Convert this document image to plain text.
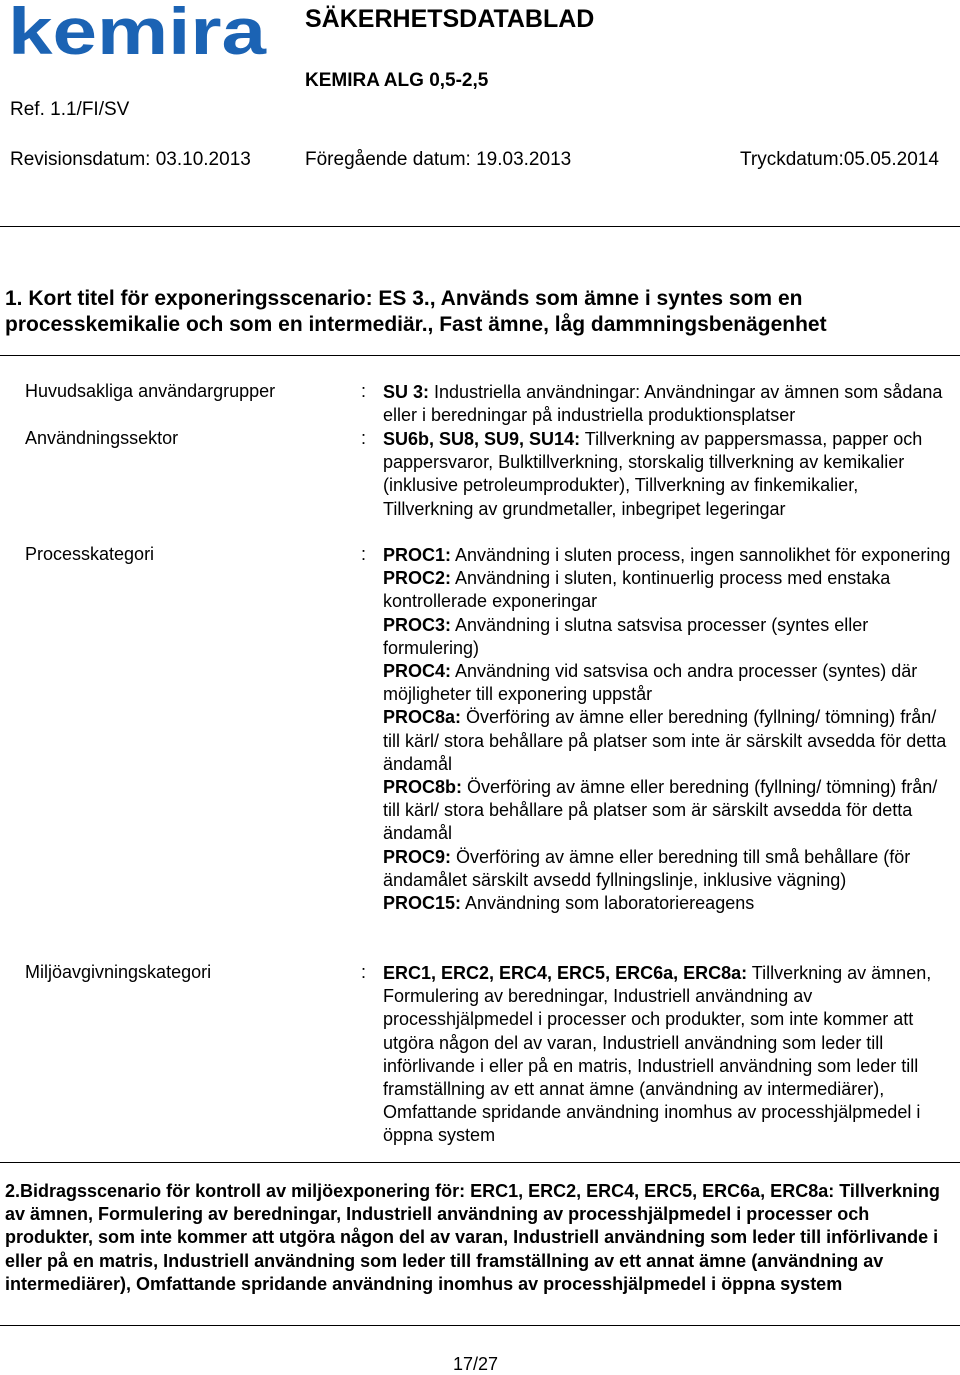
kemira SÄKERHETSDATABLAD
KEMIRA ALG 0,5-2,5
Ref. 1.1/FI/SV
Revisionsdatum: 03.10.2013	Föregående datum: 19.03.2013	Tryckdatum:05.05.2014
1. Kort titel för exponeringsscenario: ES 3., Används som ämne i syntes som en processkemikalie och som en intermediär., Fast ämne, låg dammningsbenägenhet
Huvudsakliga användargrupper	: SU 3: Industriella användningar: Användningar av ämnen som sådana eller i beredningar på industriella produktionsplatser
Användningssektor	: SU6b, SU8, SU9, SU14: Tillverkning av pappersmassa, papper och pappersvaror, Bulktillverkning, storskalig tillverkning av kemikalier (inklusive petroleumprodukter), Tillverkning av finkemikalier, Tillverkning av grundmetaller, inbegripet legeringar
Processkategori	: PROC1: Användning i sluten process, ingen sannolikhet för exponering
PROC2: Användning i sluten, kontinuerlig process med enstaka kontrollerade exponeringar
PROC3: Användning i slutna satsvisa processer (syntes eller formulering)
PROC4: Användning vid satsvisa och andra processer (syntes) där möjligheter till exponering uppstår
PROC8a: Överföring av ämne eller beredning (fyllning/ tömning) från/ till kärl/ stora behållare på platser som inte är särskilt avsedda för detta ändamål
PROC8b: Överföring av ämne eller beredning (fyllning/ tömning) från/ till kärl/ stora behållare på platser som är särskilt avsedda för detta ändamål
PROC9: Överföring av ämne eller beredning till små behållare (för ändamålet särskilt avsedd fyllningslinje, inklusive vägning)
PROC15: Användning som laboratoriereagens
Miljöavgivningskategori	: ERC1, ERC2, ERC4, ERC5, ERC6a, ERC8a: Tillverkning av ämnen, Formulering av beredningar, Industriell användning av processhjälpmedel i processer och produkter, som inte kommer att utgöra någon del av varan, Industriell användning som leder till införlivande i eller på en matris, Industriell användning som leder till framställning av ett annat ämne (användning av intermediärer), Omfattande spridande användning inomhus av processhjälpmedel i öppna system
2.Bidragsscenario för kontroll av miljöexponering för: ERC1, ERC2, ERC4, ERC5, ERC6a, ERC8a: Tillverkning av ämnen, Formulering av beredningar, Industriell användning av processhjälpmedel i processer och produkter, som inte kommer att utgöra någon del av varan, Industriell användning som leder till införlivande i eller på en matris, Industriell användning som leder till framställning av ett annat ämne (användning av intermediärer), Omfattande spridande användning inomhus av processhjälpmedel i öppna system
17/27
